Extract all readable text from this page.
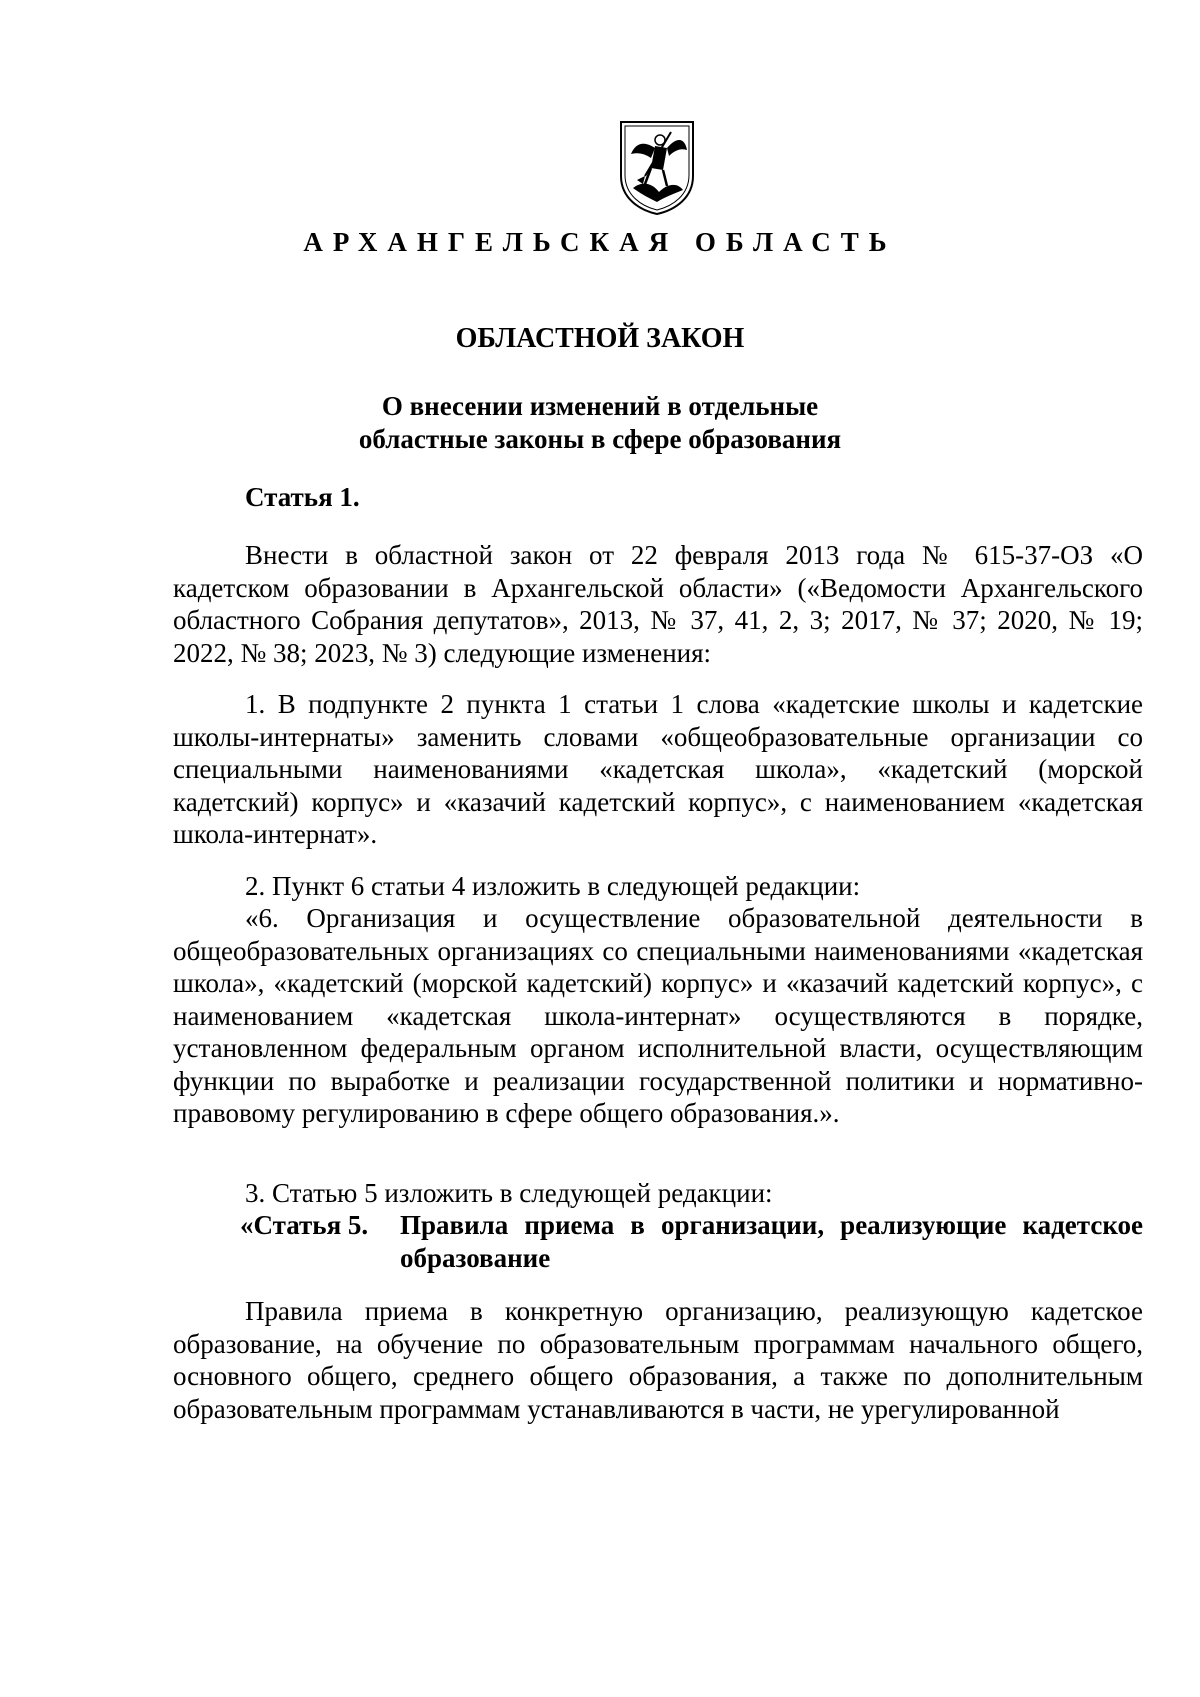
АРХАНГЕЛЬСКАЯ ОБЛАСТЬ
ОБЛАСТНОЙ ЗАКОН
О внесении изменений в отдельные
областные законы в сфере образования
Статья 1.

Внести в областной закон от 22 февраля 2013 года № 615-37-ОЗ «О кадетском образовании в Архангельской области» («Ведомости Архангельского областного Собрания депутатов», 2013, № 37, 41, 2, 3; 2017, № 37; 2020, № 19; 2022, № 38; 2023, № 3) следующие изменения:

1. В подпункте 2 пункта 1 статьи 1 слова «кадетские школы и кадетские школы-интернаты» заменить словами «общеобразовательные организации со специальными наименованиями «кадетская школа», «кадетский (морской кадетский) корпус» и «казачий кадетский корпус», с наименованием «кадетская школа-интернат».

2. Пункт 6 статьи 4 изложить в следующей редакции:

«6. Организация и осуществление образовательной деятельности в общеобразовательных организациях со специальными наименованиями «кадетская школа», «кадетский (морской кадетский) корпус» и «казачий кадетский корпус», с наименованием «кадетская школа-интернат» осуществляются в порядке, установленном федеральным органом исполнительной власти, осуществляющим функции по выработке и реализации государственной политики и нормативно-правовому регулированию в сфере общего образования.».

3. Статью 5 изложить в следующей редакции:

«Статья 5.	Правила приема в организации, реализующие кадетское образование

Правила приема в конкретную организацию, реализующую кадетское образование, на обучение по образовательным программам начального общего, основного общего, среднего общего образования, а также по дополнительным образовательным программам устанавливаются в части, не урегулированной
